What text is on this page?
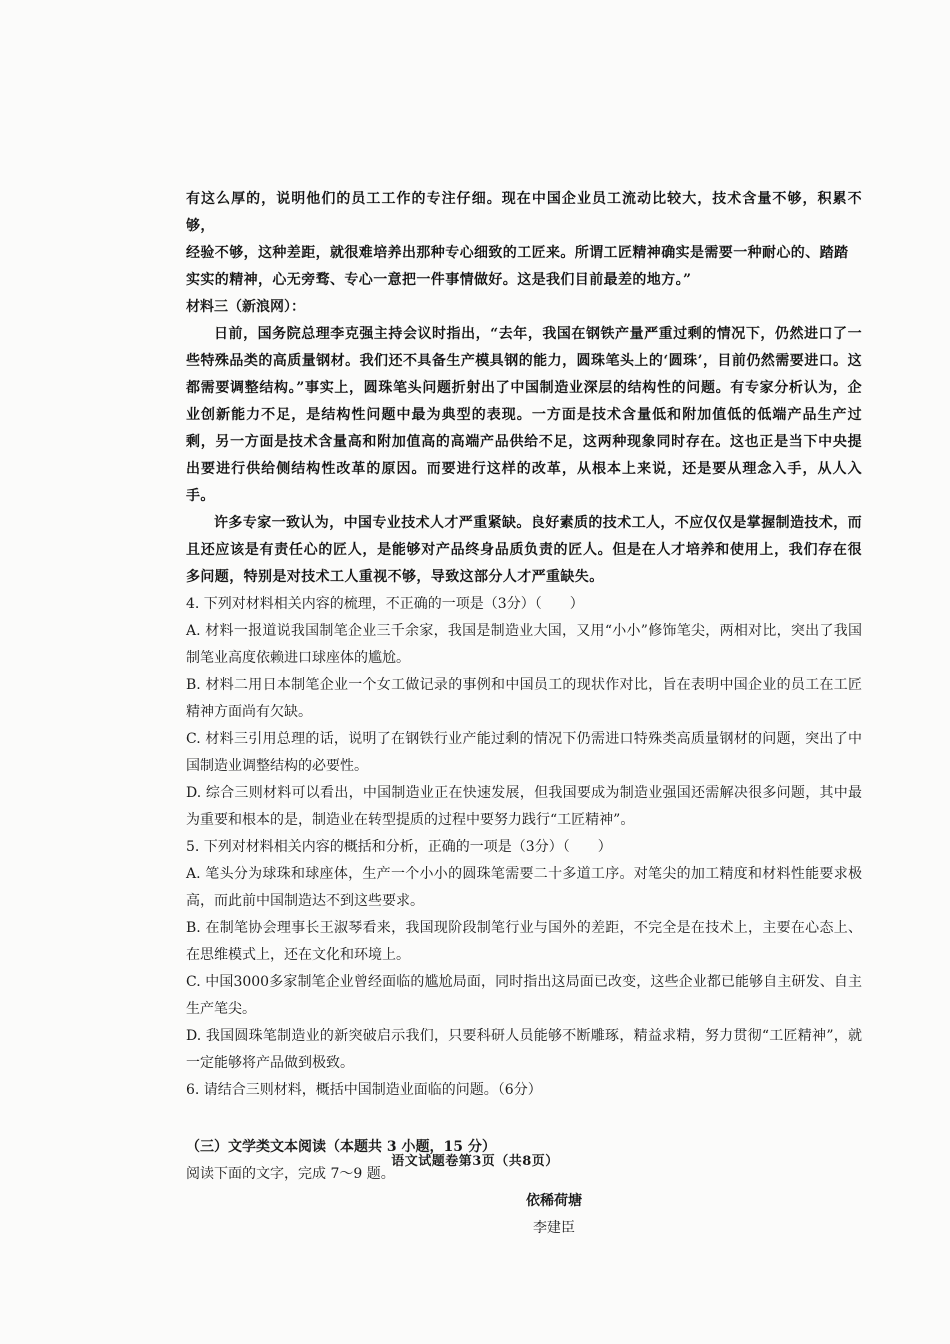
有这么厚的，说明他们的员工工作的专注仔细。现在中国企业员工流动比较大，技术含量不够，积累不够，

经验不够，这种差距，就很难培养出那种专心细致的工匠来。所谓工匠精神确实是需要一种耐心的、踏踏

实实的精神，心无旁骛、专心一意把一件事情做好。这是我们目前最差的地方。”

材料三（新浪网）：

日前，国务院总理李克强主持会议时指出，“去年，我国在钢铁产量严重过剩的情况下，仍然进口了一些特殊品类的高质量钢材。我们还不具备生产模具钢的能力，圆珠笔头上的‘圆珠’，目前仍然需要进口。这都需要调整结构。”事实上，圆珠笔头问题折射出了中国制造业深层的结构性的问题。有专家分析认为，企业创新能力不足，是结构性问题中最为典型的表现。一方面是技术含量低和附加值低的低端产品生产过剩，另一方面是技术含量高和附加值高的高端产品供给不足，这两种现象同时存在。这也正是当下中央提出要进行供给侧结构性改革的原因。而要进行这样的改革，从根本上来说，还是要从理念入手，从人入手。

许多专家一致认为，中国专业技术人才严重紧缺。良好素质的技术工人，不应仅仅是掌握制造技术，而且还应该是有责任心的匠人，是能够对产品终身品质负责的匠人。但是在人才培养和使用上，我们存在很多问题，特别是对技术工人重视不够，导致这部分人才严重缺失。

4. 下列对材料相关内容的梳理，不正确的一项是（3分）（　　）

A. 材料一报道说我国制笔企业三千余家，我国是制造业大国，又用“小小”修饰笔尖，两相对比，突出了我国制笔业高度依赖进口球座体的尴尬。

B. 材料二用日本制笔企业一个女工做记录的事例和中国员工的现状作对比，旨在表明中国企业的员工在工匠精神方面尚有欠缺。

C. 材料三引用总理的话，说明了在钢铁行业产能过剩的情况下仍需进口特殊类高质量钢材的问题，突出了中国制造业调整结构的必要性。

D. 综合三则材料可以看出，中国制造业正在快速发展，但我国要成为制造业强国还需解决很多问题，其中最为重要和根本的是，制造业在转型提质的过程中要努力践行“工匠精神”。

5. 下列对材料相关内容的概括和分析，正确的一项是（3分）（　　）

A. 笔头分为球珠和球座体，生产一个小小的圆珠笔需要二十多道工序。对笔尖的加工精度和材料性能要求极高，而此前中国制造达不到这些要求。

B. 在制笔协会理事长王淑琴看来，我国现阶段制笔行业与国外的差距，不完全是在技术上，主要在心态上、在思维模式上，还在文化和环境上。

C. 中国3000多家制笔企业曾经面临的尴尬局面，同时指出这局面已改变，这些企业都已能够自主研发、自主生产笔尖。

D. 我国圆珠笔制造业的新突破启示我们，只要科研人员能够不断雕琢，精益求精，努力贯彻“工匠精神”，就一定能够将产品做到极致。

6. 请结合三则材料，概括中国制造业面临的问题。（6分）

（三）文学类文本阅读（本题共 3 小题，15 分）

阅读下面的文字，完成 7～9 题。

依稀荷塘

李建臣

语文试题卷第3页（共8页）
